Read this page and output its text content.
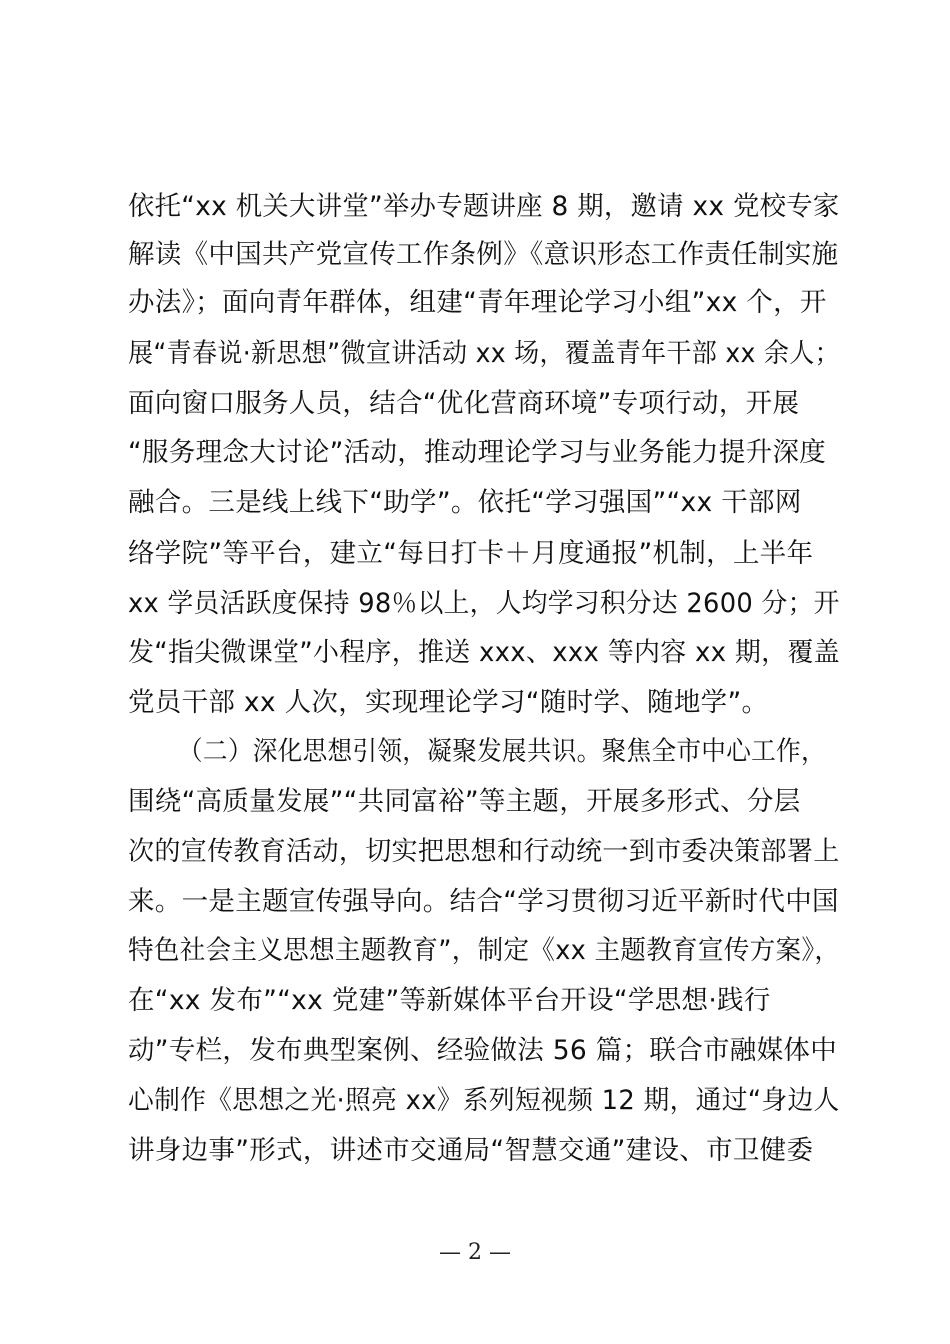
依托“xx 机关大讲堂”举办专题讲座 8 期，邀请 xx 党校专家
解读《中国共产党宣传工作条例》《意识形态工作责任制实施
办法》；面向青年群体，组建“青年理论学习小组”xx 个，开
展“青春说·新思想”微宣讲活动 xx 场，覆盖青年干部 xx 余人；
面向窗口服务人员，结合“优化营商环境”专项行动，开展
“服务理念大讨论”活动，推动理论学习与业务能力提升深度
融合。三是线上线下“助学”。依托“学习强国”“xx 干部网
络学院”等平台，建立“每日打卡＋月度通报”机制，上半年
xx 学员活跃度保持 98％以上，人均学习积分达 2600 分；开
发“指尖微课堂”小程序，推送 xxx、xxx 等内容 xx 期，覆盖
党员干部 xx 人次，实现理论学习“随时学、随地学”。
（二）深化思想引领，凝聚发展共识。聚焦全市中心工作，
围绕“高质量发展”“共同富裕”等主题，开展多形式、分层
次的宣传教育活动，切实把思想和行动统一到市委决策部署上
来。一是主题宣传强导向。结合“学习贯彻习近平新时代中国
特色社会主义思想主题教育”，制定《xx 主题教育宣传方案》，
在“xx 发布”“xx 党建”等新媒体平台开设“学思想·践行
动”专栏，发布典型案例、经验做法 56 篇；联合市融媒体中
心制作《思想之光·照亮 xx》系列短视频 12 期，通过“身边人
讲身边事”形式，讲述市交通局“智慧交通”建设、市卫健委
— 2 —
